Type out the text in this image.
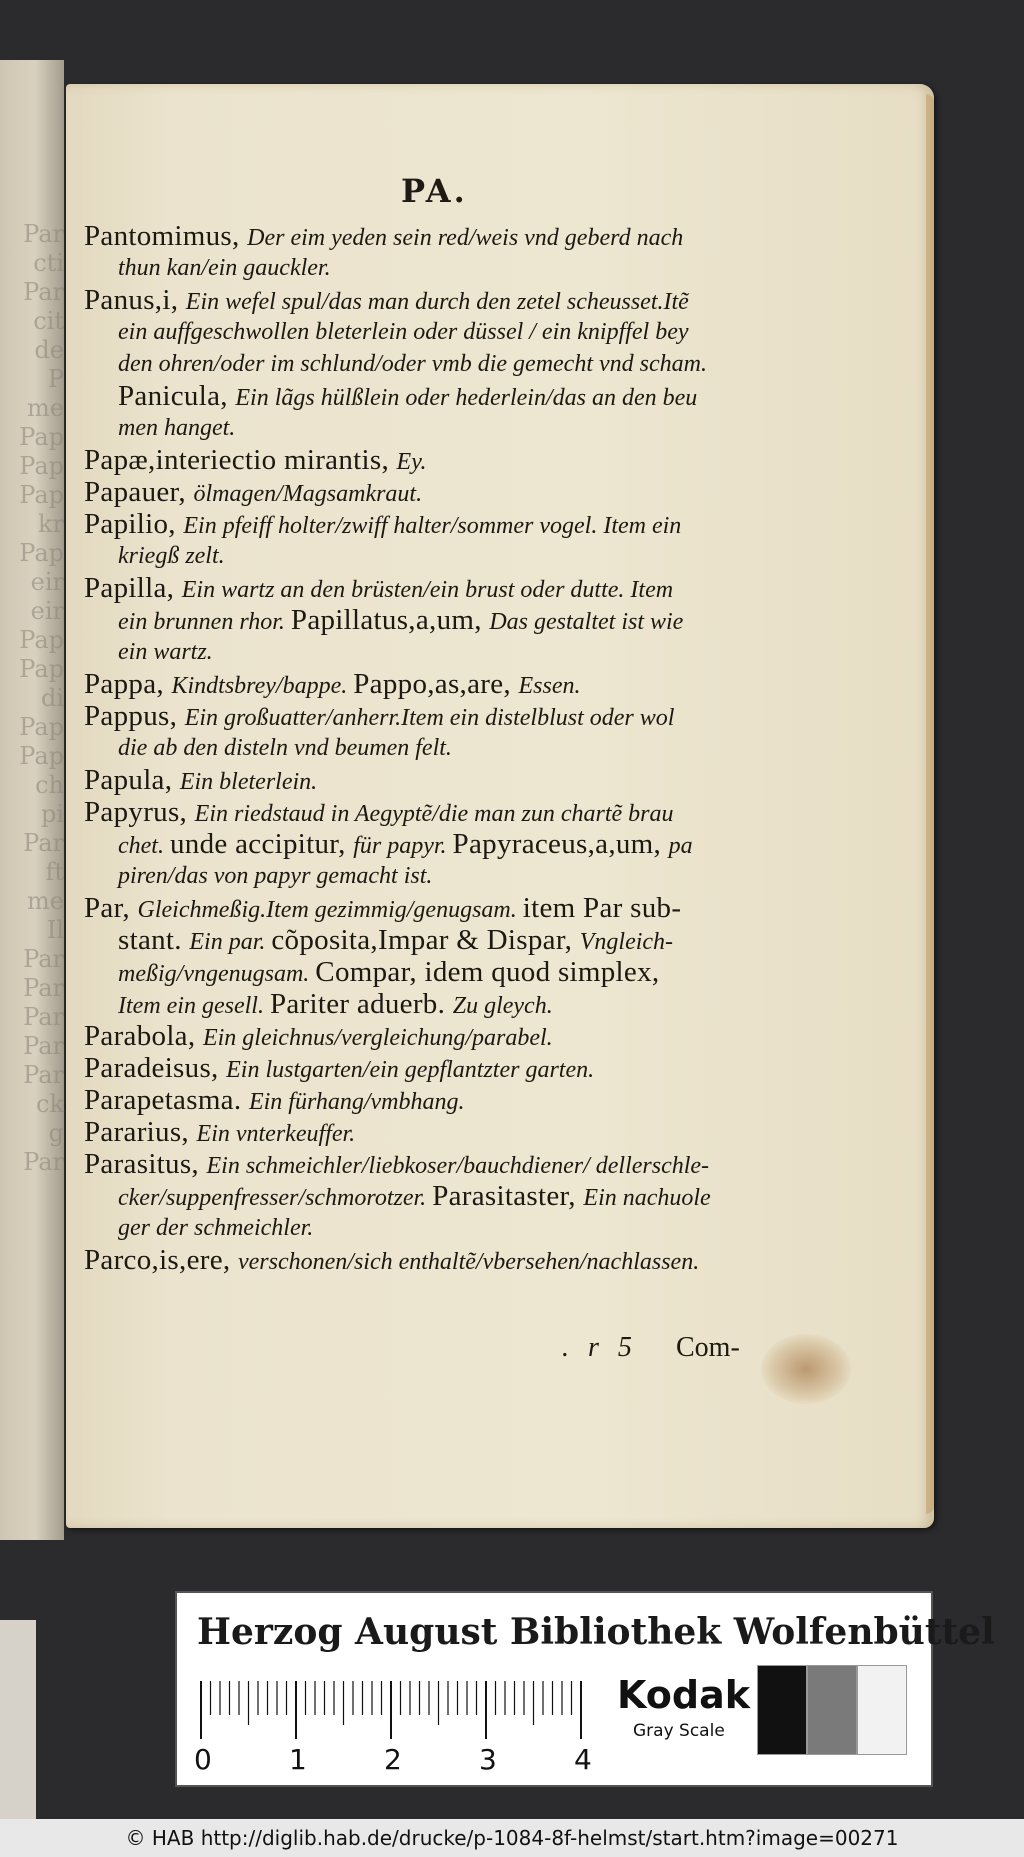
Par
cti
Par
cit
de
P
me
Pap
Pap
Pap
kr
Pap
eir
eir
Pap
Pap
di
Pap
Pap
ch
pi
Par
ft
me
Il
Par
Par
Par
Par
Par
ck
g
Par
PA.
Pantomimus, Der eim yeden sein red/weis vnd geberd nach
thun kan/ein gauckler.
Panus,i, Ein wefel spul/das man durch den zetel scheusset.Itẽ
ein auffgeschwollen bleterlein oder düssel / ein knipffel bey
den ohren/oder im schlund/oder vmb die gemecht vnd scham.
Panicula, Ein lãgs hülßlein oder hederlein/das an den beu
men hanget.
Papæ,interiectio mirantis, Ey.
Papauer, ölmagen/Magsamkraut.
Papilio, Ein pfeiff holter/zwiff halter/sommer vogel. Item ein
kriegß zelt.
Papilla, Ein wartz an den brüsten/ein brust oder dutte. Item
ein brunnen rhor. Papillatus,a,um, Das gestaltet ist wie
ein wartz.
Pappa, Kindtsbrey/bappe. Pappo,as,are, Essen.
Pappus, Ein großuatter/anherr.Item ein distelblust oder wol
die ab den disteln vnd beumen felt.
Papula, Ein bleterlein.
Papyrus, Ein riedstaud in Aegyptẽ/die man zun chartẽ brau
chet. unde accipitur, für papyr. Papyraceus,a,um, pa
piren/das von papyr gemacht ist.
Par, Gleichmeßig.Item gezimmig/genugsam. item Par sub-
stant. Ein par. cõposita,Impar & Dispar, Vngleich-
meßig/vngenugsam. Compar, idem quod simplex,
Item ein gesell. Pariter aduerb. Zu gleych.
Parabola, Ein gleichnus/vergleichung/parabel.
Paradeisus, Ein lustgarten/ein gepflantzter garten.
Parapetasma. Ein fürhang/vmbhang.
Pararius, Ein vnterkeuffer.
Parasitus, Ein schmeichler/liebkoser/bauchdiener/ dellerschle-
cker/suppenfresser/schmorotzer. Parasitaster, Ein nachuole
ger der schmeichler.
Parco,is,ere, verschonen/sich enthaltẽ/vbersehen/nachlassen.
. r 5 Com-
Herzog August Bibliothek Wolfenbüttel
0	1	2	3	4
Kodak
Gray Scale
© HAB http://diglib.hab.de/drucke/p-1084-8f-helmst/start.htm?image=00271
